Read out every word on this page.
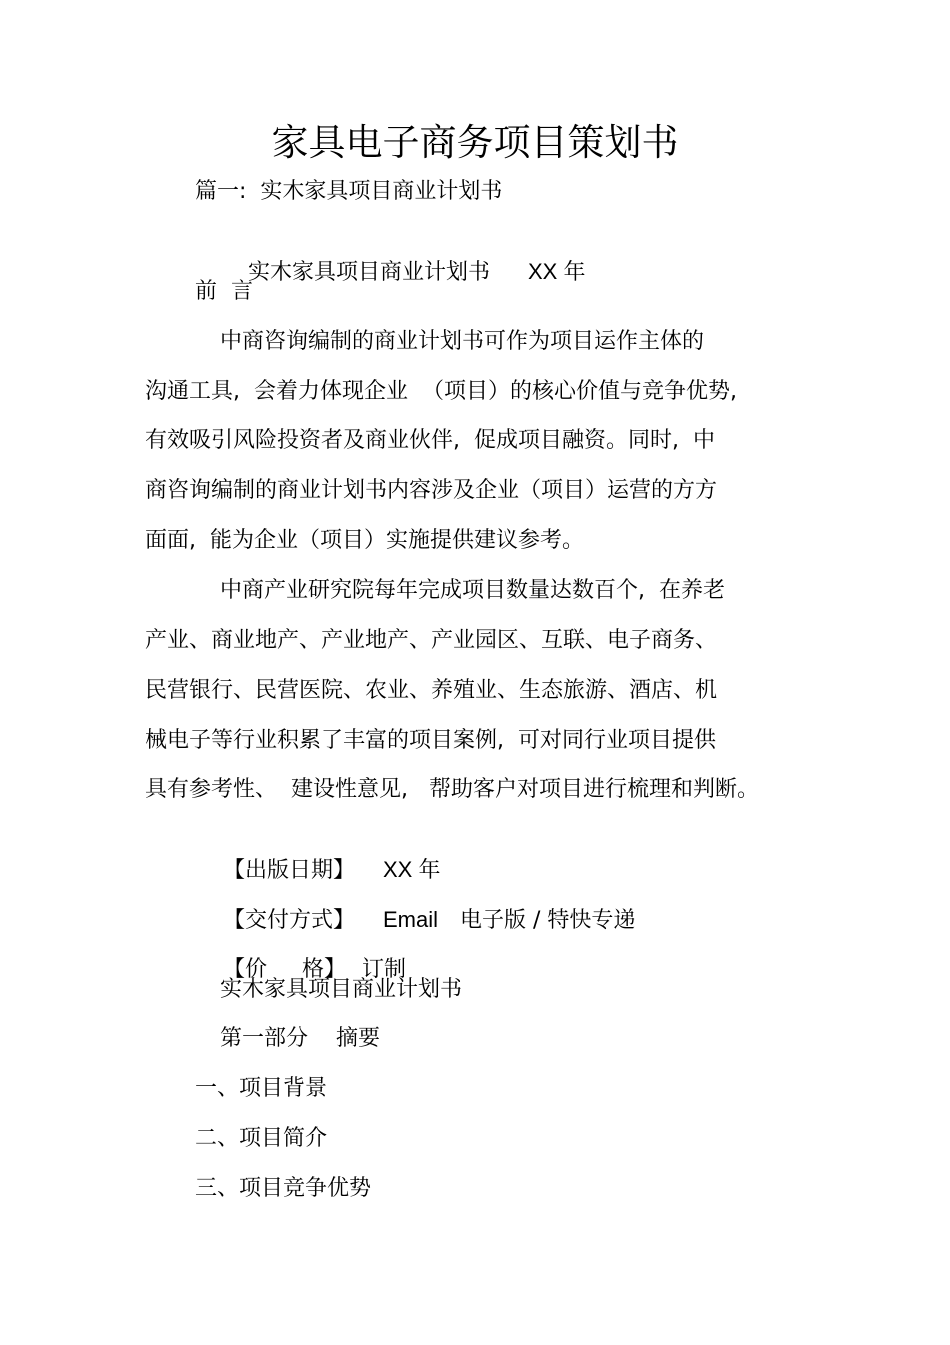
家具电子商务项目策划书
篇一:  实木家具项目商业计划书

实木家具项目商业计划书 XX 年

前  言
中商咨询编制的商业计划书可作为项目运作主体的
沟通工具,  会着力体现企业  （项目）的核心价值与竞争优势,
有效吸引风险投资者及商业伙伴,  促成项目融资。同时,  中
商咨询编制的商业计划书内容涉及企业（项目）运营的方方
面面,  能为企业（项目）实施提供建议参考。
中商产业研究院每年完成项目数量达数百个,  在养老
产业、商业地产、产业地产、产业园区、互联、电子商务、
民营银行、民营医院、农业、养殖业、生态旅游、酒店、机
械电子等行业积累了丰富的项目案例,  可对同行业项目提供
具有参考性、  建设性意见,   帮助客户对项目进行梳理和判断。

【出版日期】 XX 年

【交付方式】 Email 电子版 / 特快专递

【价     格】 订制

实木家具项目商业计划书
第一部分    摘要
一、项目背景
二、项目简介
三、项目竞争优势
